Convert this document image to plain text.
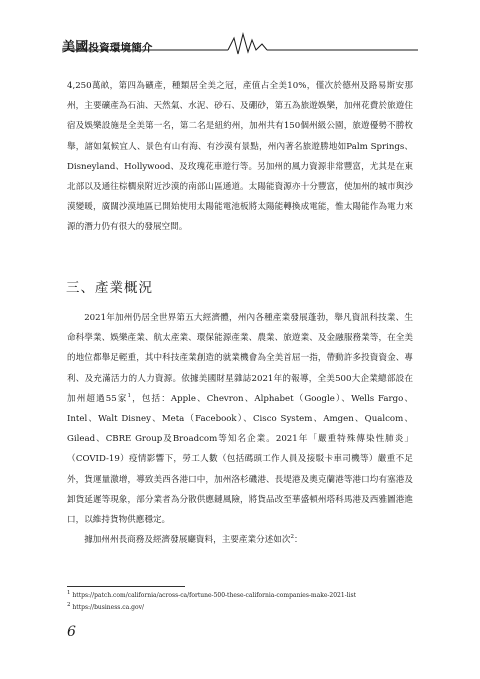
美國投資環境簡介

4,250萬畝，第四為礦產，種類居全美之冠，產值占全美10%，僅次於德州及路易斯安那州，主要礦產為石油、天然氣、水泥、砂石、及硼砂，第五為旅遊娛樂，加州花費於旅遊住宿及娛樂設施是全美第一名，第二名是紐約州，加州共有150個州級公園，旅遊優勢不勝枚舉，諸如氣候宜人、景色有山有海、有沙漠有景點，州內著名旅遊勝地如Palm Springs、Disneyland、Hollywood、及玫瑰花車遊行等。另加州的風力資源非常豐富，尤其是在東北部以及通往棕櫚泉附近沙漠的南部山區通道。太陽能資源亦十分豐富，使加州的城市與沙漠變暖，廣闊沙漠地區已開始使用太陽能電池板將太陽能轉換成電能，惟太陽能作為電力來源的潛力仍有很大的發展空間。

三、產業概況

2021年加州仍居全世界第五大經濟體，州內各種產業發展蓬勃，舉凡資訊科技業、生命科學業、娛樂產業、航太產業、環保能源產業、農業、旅遊業、及金融服務業等，在全美的地位都舉足輕重，其中科技產業創造的就業機會為全美首屈一指，帶動許多投資資金、專利、及充滿活力的人力資源。依據美國財星雜誌2021年的報導，全美500大企業總部設在加州超過55家$^1$，包括：Apple、Chevron、Alphabet（Google）、Wells Fargo、Intel、Walt Disney、Meta（Facebook）、Cisco System、Amgen、Qualcom、Gilead、CBRE Group及Broadcom等知名企業。2021年「嚴重特殊傳染性肺炎」（COVID-19）疫情影響下，勞工人數（包括碼頭工作人員及接駁卡車司機等）嚴重不足外，貨運量激增，導致美西各港口中，加州洛杉磯港、長堤港及奧克蘭港等港口均有塞港及卸貨延遲等現象，部分業者為分散供應鏈風險，將貨品改至華盛頓州塔科馬港及西雅圖港進口，以維持貨物供應穩定。

據加州州長商務及經濟發展廳資料，主要產業分述如次$^2$：

$^1$ https://patch.com/california/across-ca/fortune-500-these-california-companies-make-2021-list
$^2$ https://business.ca.gov/
6
